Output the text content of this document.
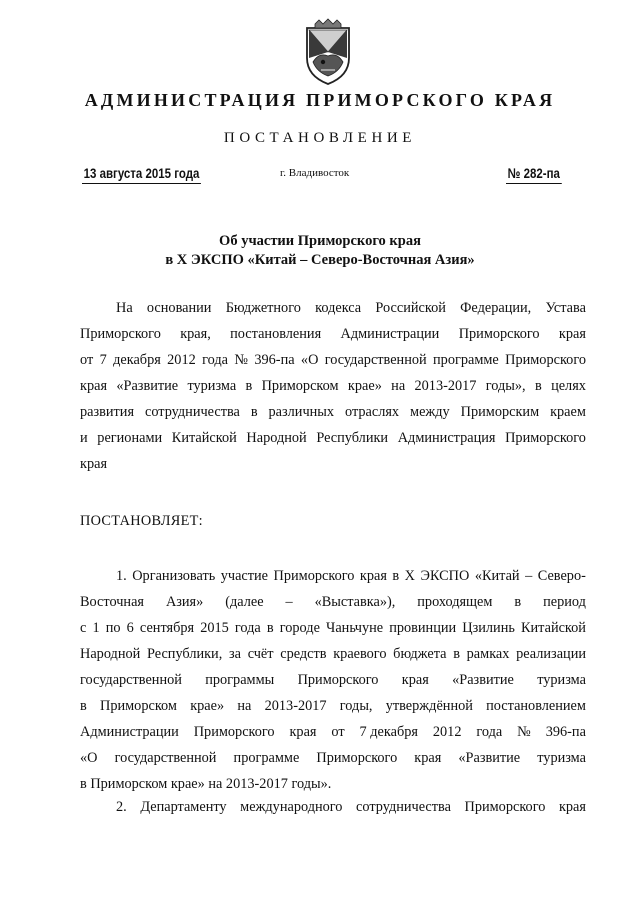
АДМИНИСТРАЦИЯ ПРИМОРСКОГО КРАЯ
ПОСТАНОВЛЕНИЕ
13 августа 2015 года	г. Владивосток	№ 282-па
Об участии Приморского края
в X ЭКСПО «Китай – Северо-Восточная Азия»
На основании Бюджетного кодекса Российской Федерации, Устава
Приморского края, постановления Администрации Приморского края
от 7 декабря 2012 года № 396-па «О государственной программе Приморского
края «Развитие туризма в Приморском крае» на 2013-2017 годы», в целях
развития сотрудничества в различных отраслях между Приморским краем
и регионами Китайской Народной Республики Администрация Приморского
края
ПОСТАНОВЛЯЕТ:
1. Организовать участие Приморского края в X ЭКСПО «Китай – Северо-
Восточная Азия» (далее – «Выставка»), проходящем в период
с 1 по 6 сентября 2015 года в городе Чаньчуне провинции Цзилинь Китайской
Народной Республики, за счёт средств краевого бюджета в рамках реализации
государственной программы Приморского края «Развитие туризма
в Приморском крае» на 2013-2017 годы, утверждённой постановлением
Администрации Приморского края от 7 декабря 2012 года № 396-па
«О государственной программе Приморского края «Развитие туризма
в Приморском крае» на 2013-2017 годы».
2. Департаменту международного сотрудничества Приморского края
